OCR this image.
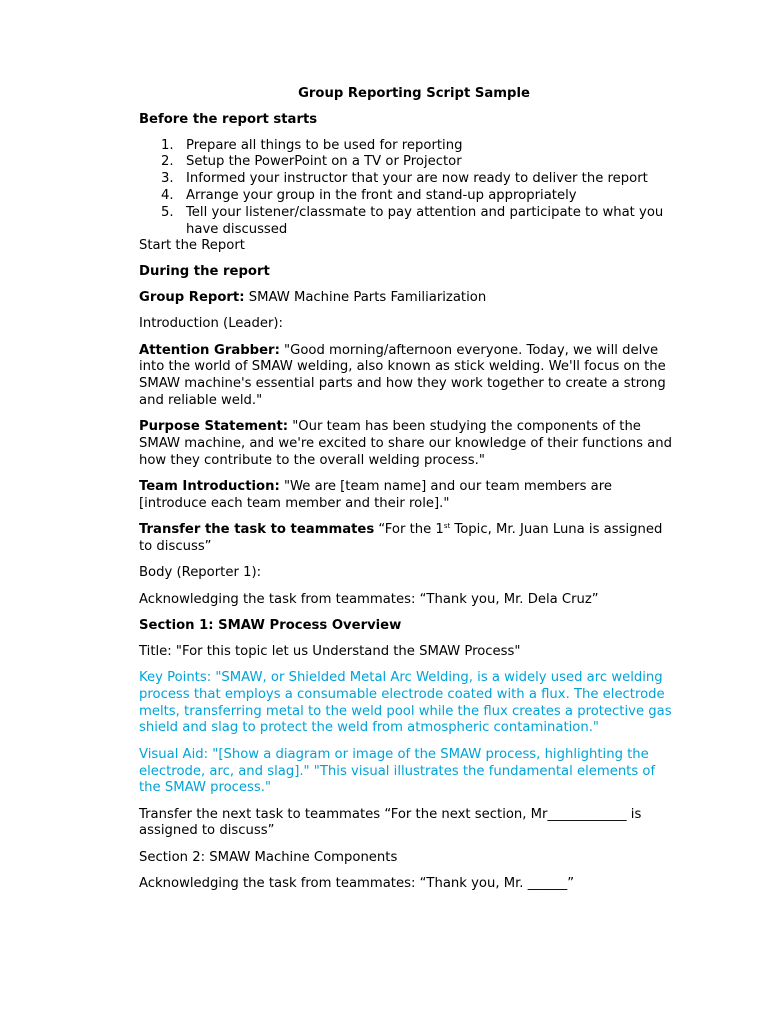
Group Reporting Script Sample
Before the report starts
1. Prepare all things to be used for reporting
2. Setup the PowerPoint on a TV or Projector
3. Informed your instructor that your are now ready to deliver the report
4. Arrange your group in the front and stand-up appropriately
5. Tell your listener/classmate to pay attention and participate to what you have discussed

Start the Report

During the report

Group Report: SMAW Machine Parts Familiarization

Introduction (Leader):

Attention Grabber: "Good morning/afternoon everyone. Today, we will delve into the world of SMAW welding, also known as stick welding. We'll focus on the SMAW machine's essential parts and how they work together to create a strong and reliable weld."

Purpose Statement: "Our team has been studying the components of the SMAW machine, and we're excited to share our knowledge of their functions and how they contribute to the overall welding process."

Team Introduction: "We are [team name] and our team members are [introduce each team member and their role]."

Transfer the task to teammates “For the 1st Topic, Mr. Juan Luna is assigned to discuss”

Body (Reporter 1):

Acknowledging the task from teammates: “Thank you, Mr. Dela Cruz”

Section 1: SMAW Process Overview

Title: "For this topic let us Understand the SMAW Process"

Key Points: "SMAW, or Shielded Metal Arc Welding, is a widely used arc welding process that employs a consumable electrode coated with a flux. The electrode melts, transferring metal to the weld pool while the flux creates a protective gas shield and slag to protect the weld from atmospheric contamination."

Visual Aid: "[Show a diagram or image of the SMAW process, highlighting the electrode, arc, and slag]." "This visual illustrates the fundamental elements of the SMAW process."

Transfer the next task to teammates “For the next section, Mr____________ is assigned to discuss”

Section 2: SMAW Machine Components

Acknowledging the task from teammates: “Thank you, Mr. ______”
